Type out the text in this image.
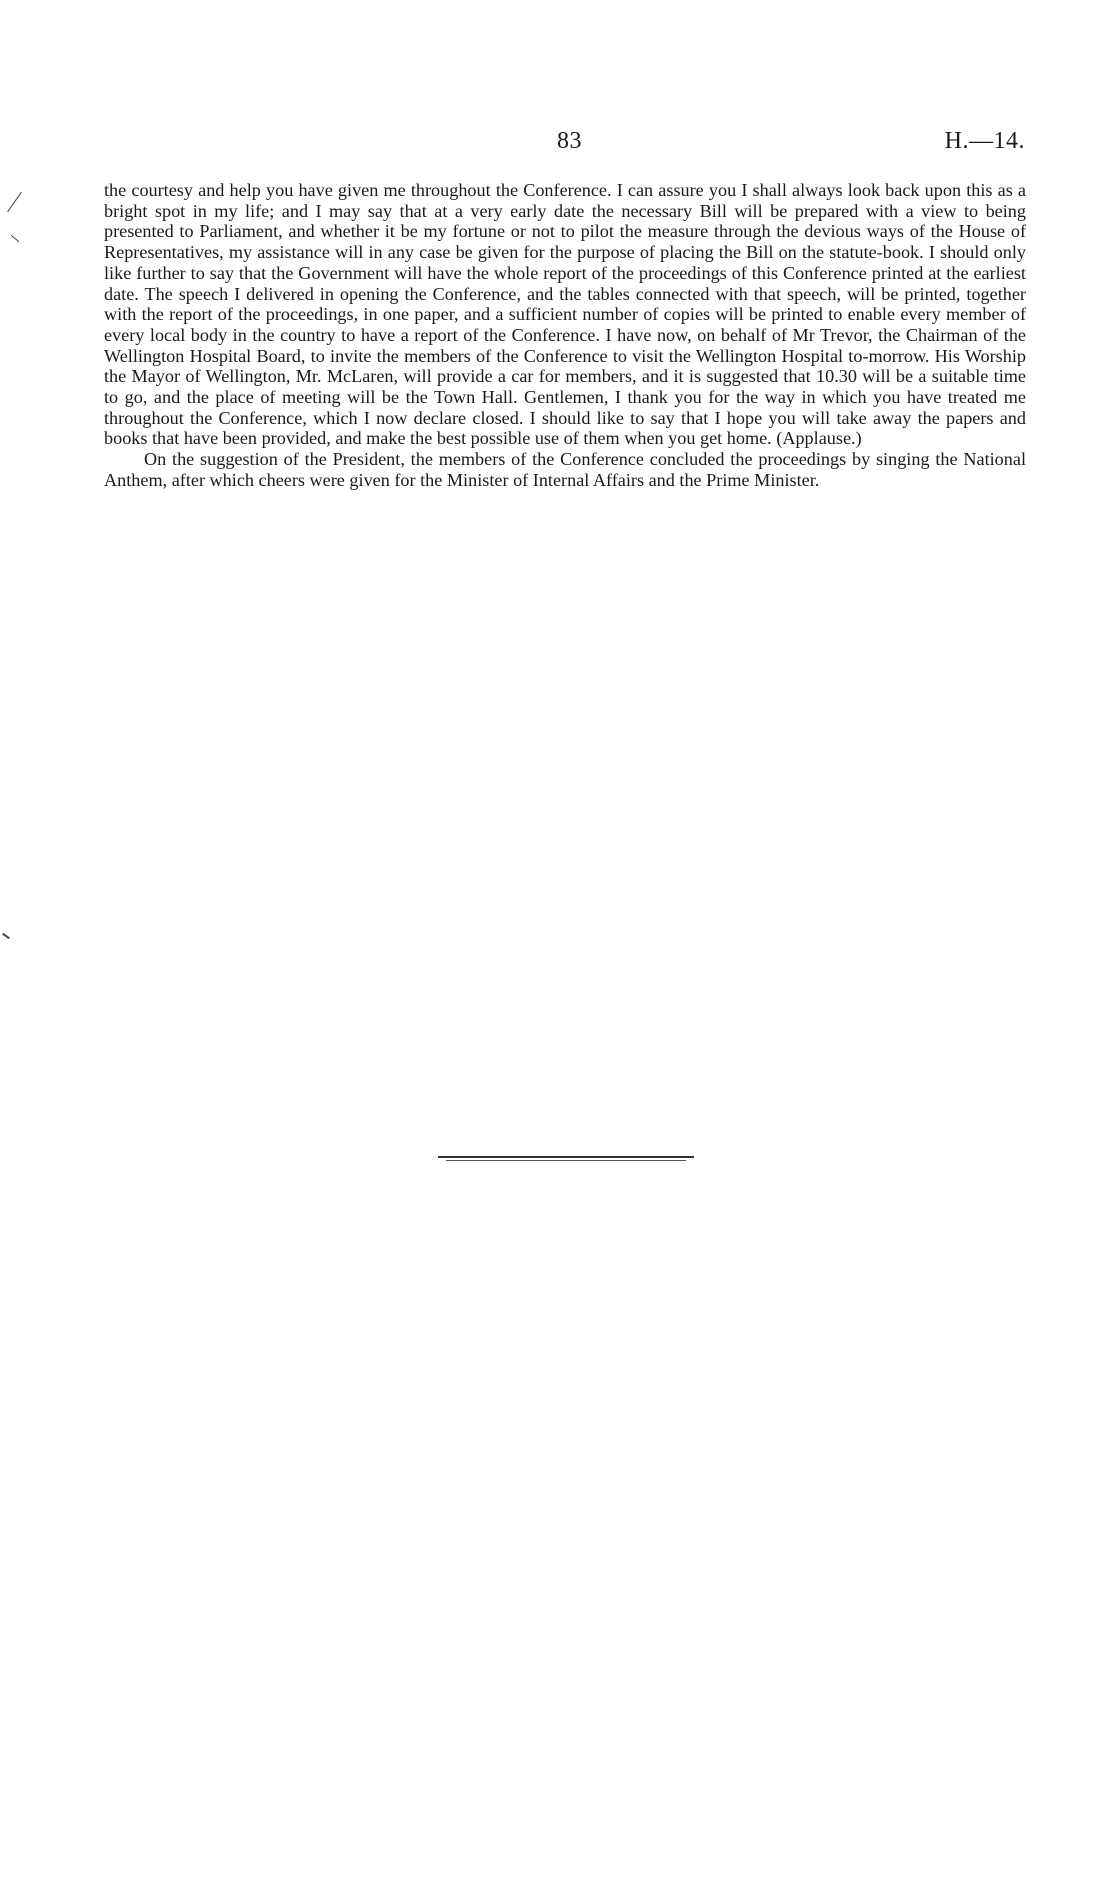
83	H.—14.

the courtesy and help you have given me throughout the Conference. I can assure you I shall always look back upon this as a bright spot in my life; and I may say that at a very early date the necessary Bill will be prepared with a view to being presented to Parliament, and whether it be my fortune or not to pilot the measure through the devious ways of the House of Representatives, my assistance will in any case be given for the purpose of placing the Bill on the statute-book. I should only like further to say that the Government will have the whole report of the proceedings of this Conference printed at the earliest date. The speech I delivered in opening the Conference, and the tables connected with that speech, will be printed, together with the report of the proceedings, in one paper, and a sufficient number of copies will be printed to enable every member of every local body in the country to have a report of the Conference. I have now, on behalf of Mr Trevor, the Chairman of the Wellington Hospital Board, to invite the members of the Conference to visit the Wellington Hospital to-morrow. His Worship the Mayor of Wellington, Mr. McLaren, will provide a car for members, and it is suggested that 10.30 will be a suitable time to go, and the place of meeting will be the Town Hall. Gentlemen, I thank you for the way in which you have treated me throughout the Conference, which I now declare closed. I should like to say that I hope you will take away the papers and books that have been provided, and make the best possible use of them when you get home. (Applause.)

On the suggestion of the President, the members of the Conference concluded the proceedings by singing the National Anthem, after which cheers were given for the Minister of Internal Affairs and the Prime Minister.
